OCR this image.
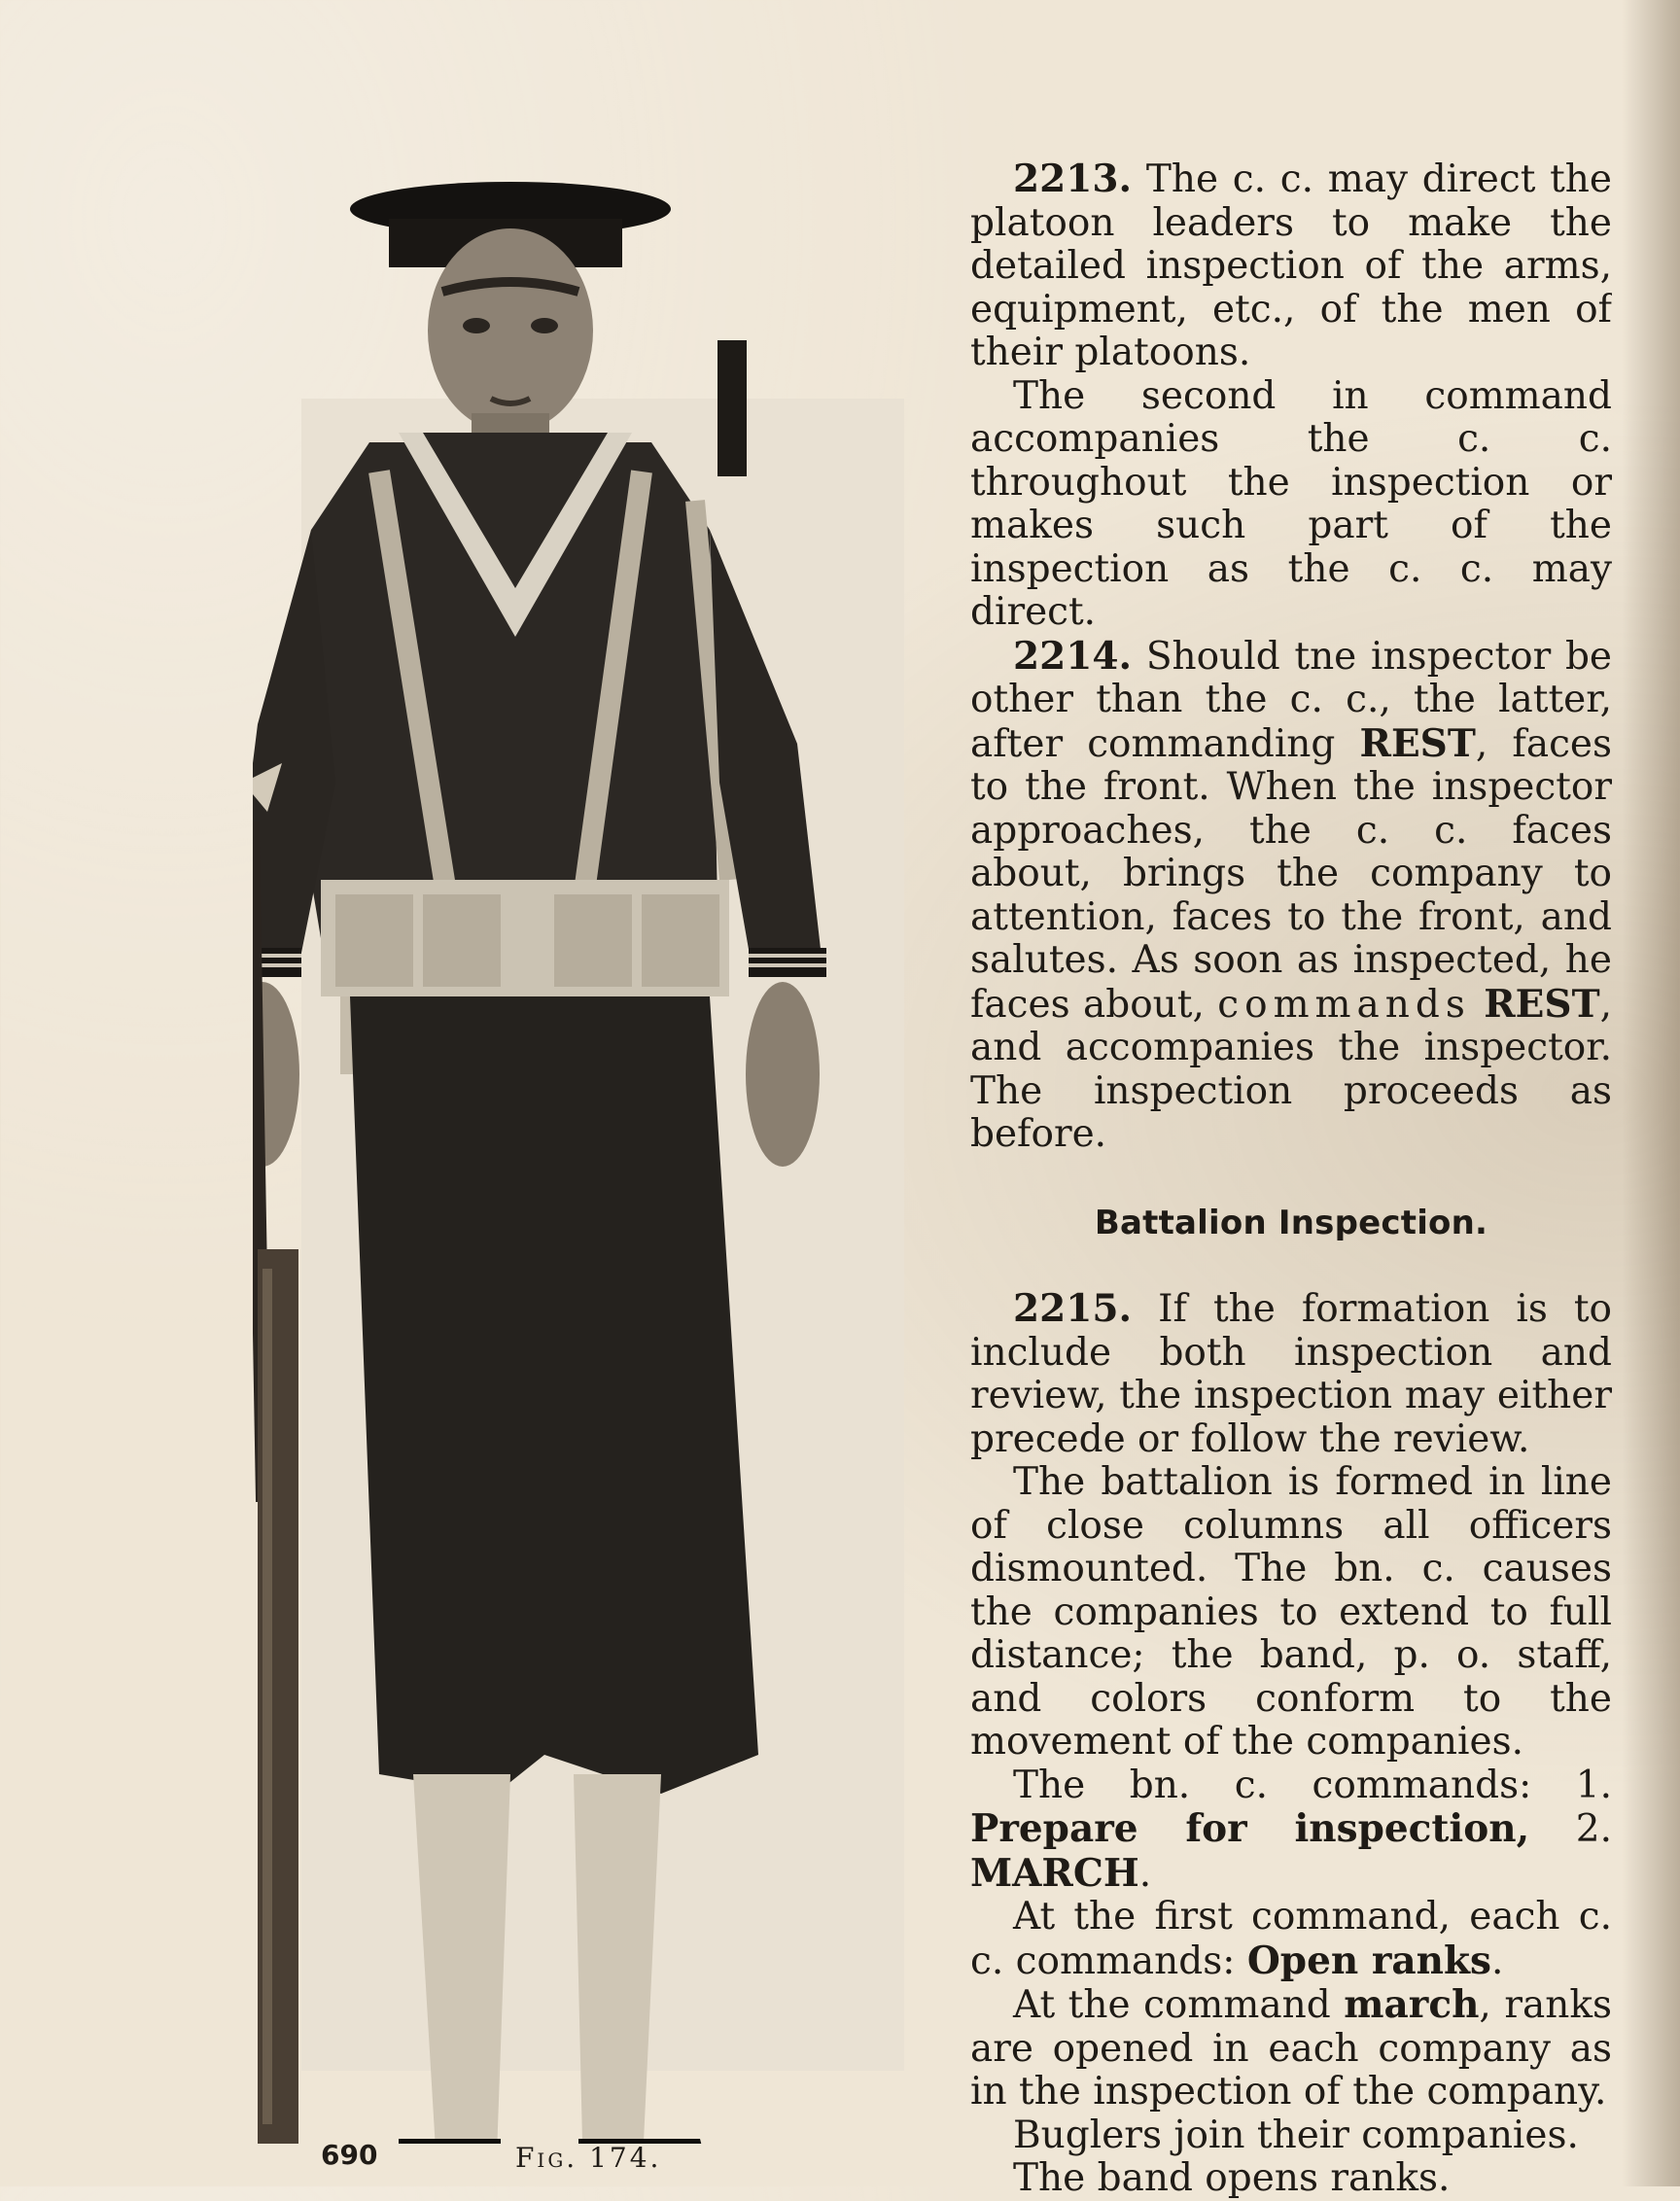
2213. The c. c. may direct the platoon leaders to make the detailed inspection of the arms, equipment, etc., of the men of their platoons.

The second in command accompanies the c. c. throughout the inspection or makes such part of the inspection as the c. c. may direct.

2214. Should tne inspector be other than the c. c., the latter, after commanding REST, faces to the front. When the inspector approaches, the c. c. faces about, brings the company to attention, faces to the front, and salutes. As soon as inspected, he faces about, commands REST, and accompanies the inspector. The inspection proceeds as before.

Battalion Inspection.

2215. If the formation is to include both inspection and review, the inspection may either precede or follow the review.

The battalion is formed in line of close columns all officers dismounted. The bn. c. causes the companies to extend to full distance; the band, p. o. staff, and colors conform to the movement of the companies.

The bn. c. commands: 1. Prepare for inspection, 2. MARCH.

At the first command, each c. c. commands: Open ranks.

At the command march, ranks are opened in each company as in the inspection of the company.

Buglers join their companies.

The band opens ranks.

690	Fig. 174.
